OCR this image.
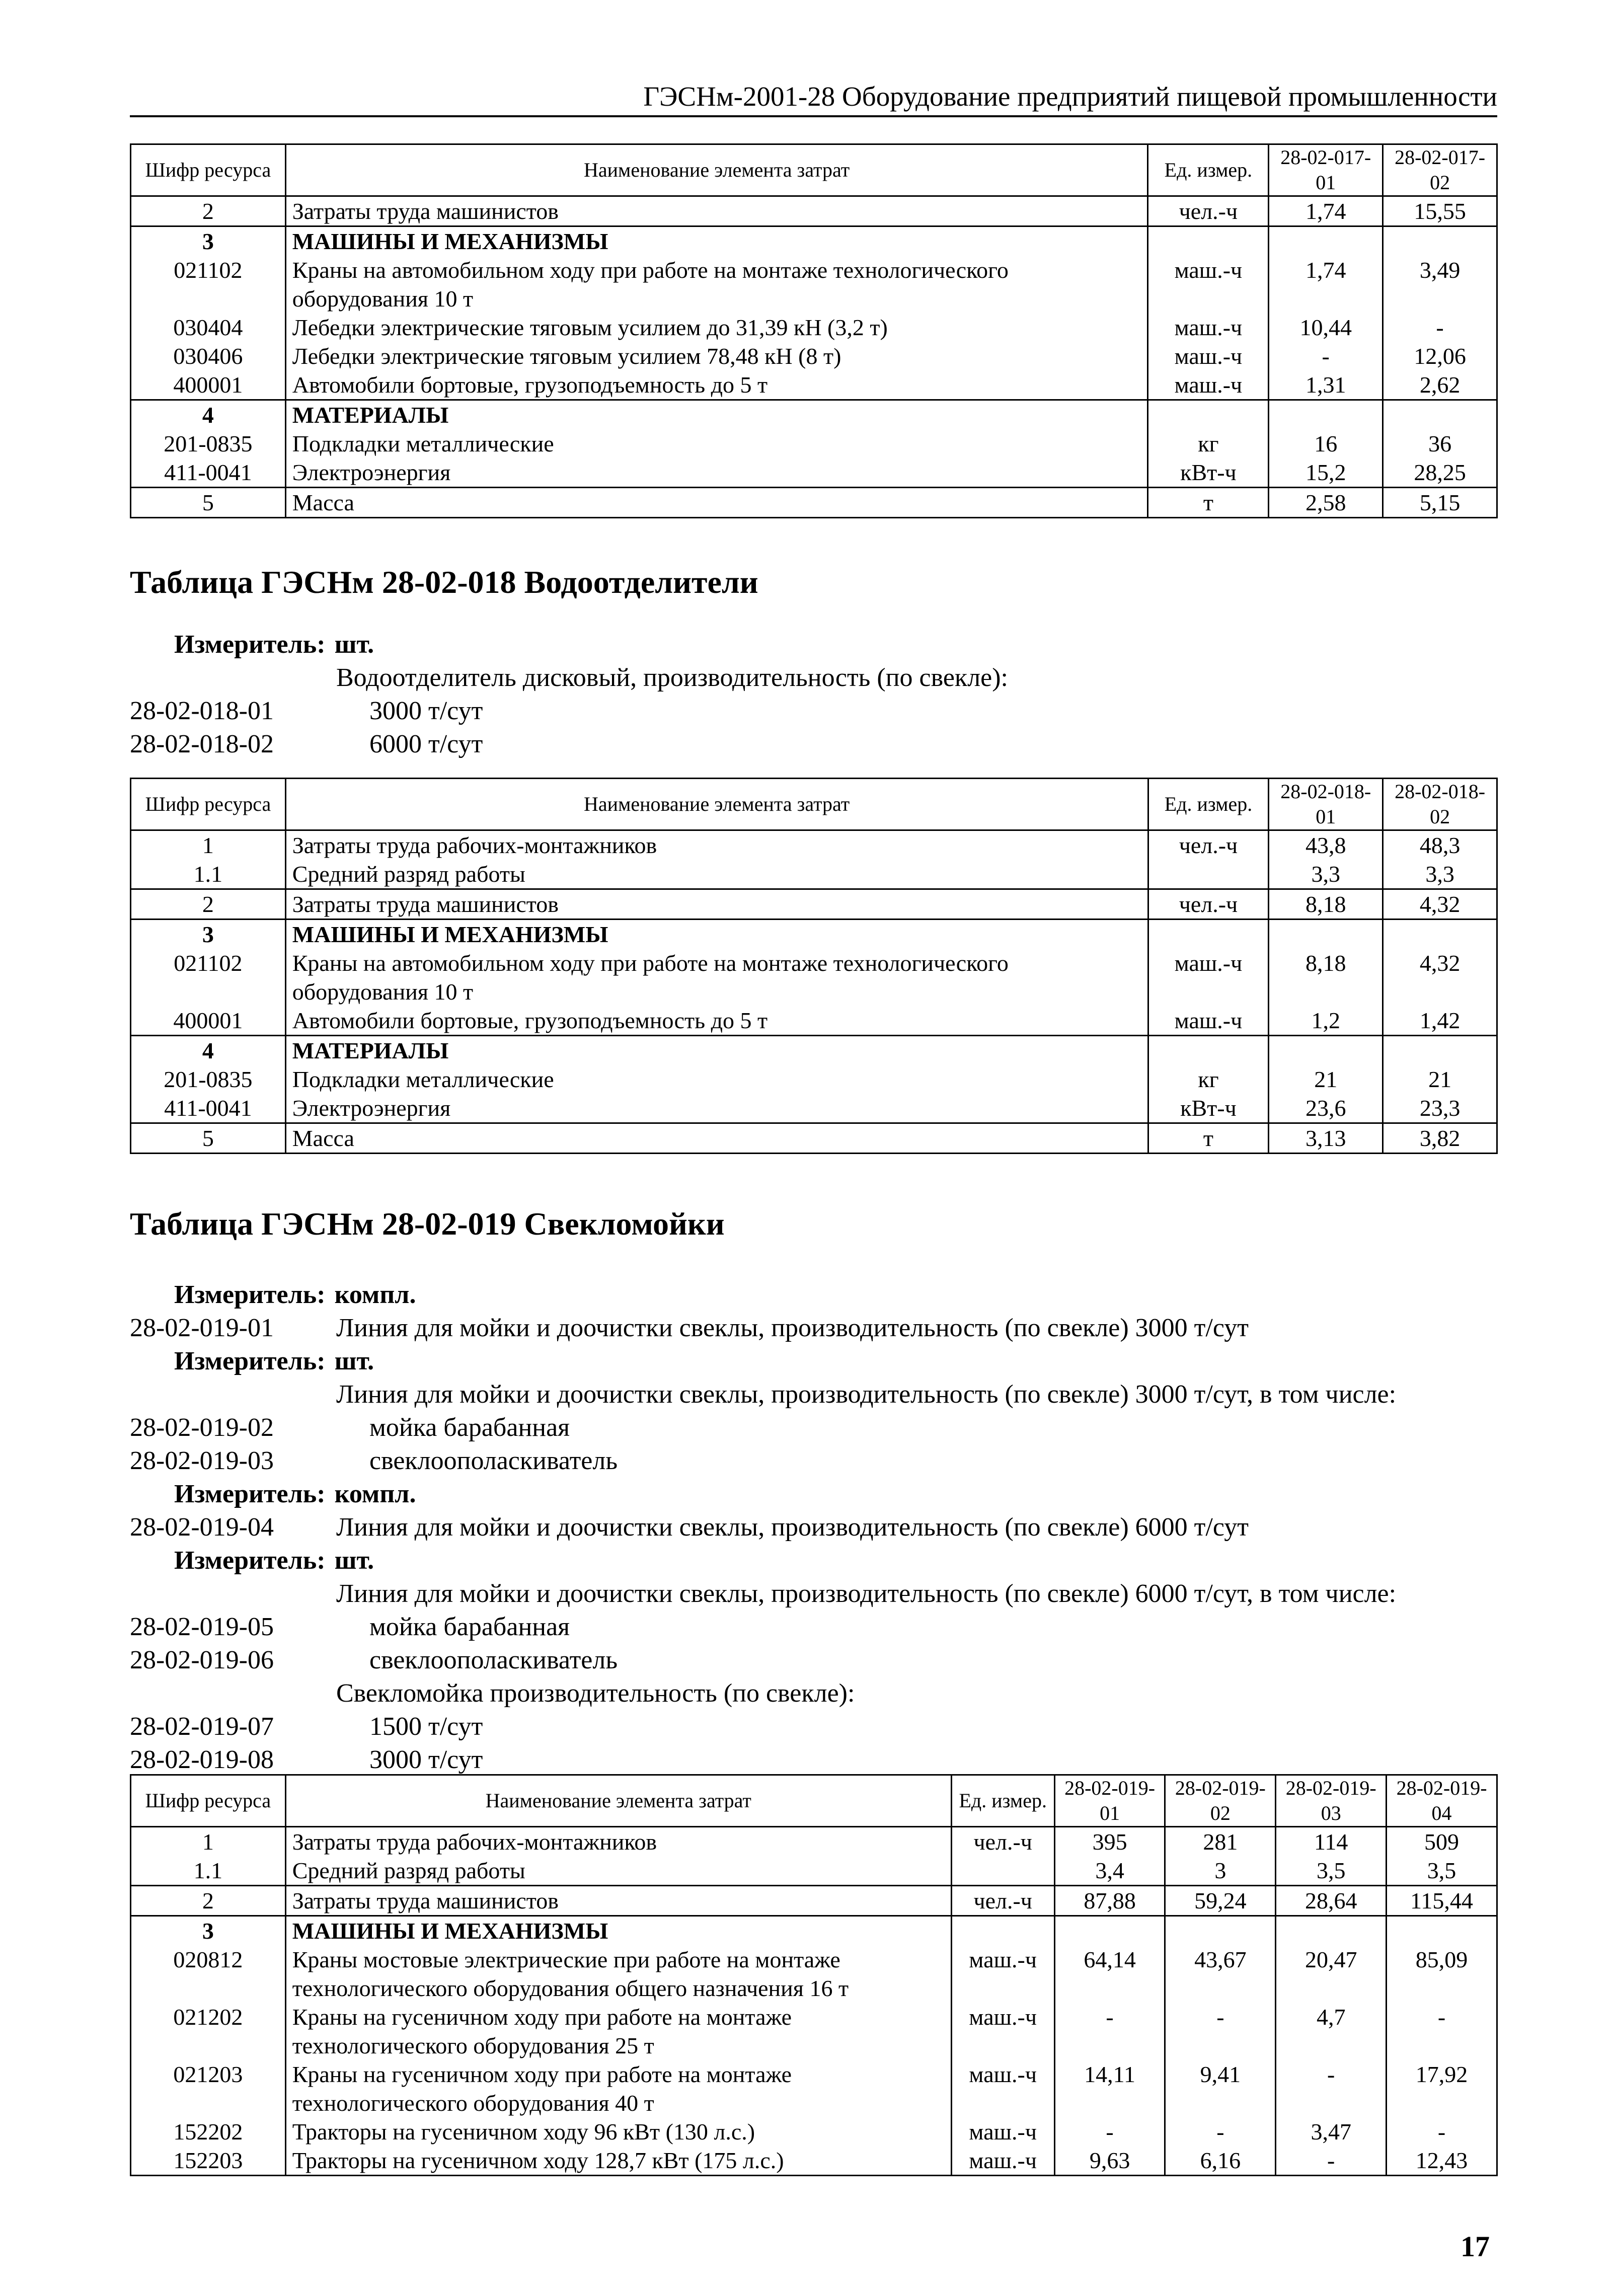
ГЭСНм-2001-28 Оборудование предприятий пищевой промышленности
Шифр ресурса	Наименование элемента затрат	Ед. измер.	28-02-017-01	28-02-017-02
2	Затраты труда машинистов	чел.-ч	1,74	15,55
3	МАШИНЫ И МЕХАНИЗМЫ			
021102	Краны на автомобильном ходу при работе на монтаже технологического оборудования 10 т	маш.-ч	1,74	3,49
030404	Лебедки электрические тяговым усилием до 31,39 кН (3,2 т)	маш.-ч	10,44	-
030406	Лебедки электрические тяговым усилием 78,48 кН (8 т)	маш.-ч	-	12,06
400001	Автомобили бортовые, грузоподъемность до 5 т	маш.-ч	1,31	2,62
4	МАТЕРИАЛЫ			
201-0835	Подкладки металлические	кг	16	36
411-0041	Электроэнергия	кВт-ч	15,2	28,25
5	Масса	т	2,58	5,15
Таблица ГЭСНм 28-02-018 Водоотделители
Измеритель: шт.
Водоотделитель дисковый, производительность (по свекле):
28-02-018-01	3000 т/сут
28-02-018-02	6000 т/сут
Шифр ресурса	Наименование элемента затрат	Ед. измер.	28-02-018-01	28-02-018-02
1	Затраты труда рабочих-монтажников	чел.-ч	43,8	48,3
1.1	Средний разряд работы		3,3	3,3
2	Затраты труда машинистов	чел.-ч	8,18	4,32
3	МАШИНЫ И МЕХАНИЗМЫ			
021102	Краны на автомобильном ходу при работе на монтаже технологического оборудования 10 т	маш.-ч	8,18	4,32
400001	Автомобили бортовые, грузоподъемность до 5 т	маш.-ч	1,2	1,42
4	МАТЕРИАЛЫ			
201-0835	Подкладки металлические	кг	21	21
411-0041	Электроэнергия	кВт-ч	23,6	23,3
5	Масса	т	3,13	3,82
Таблица ГЭСНм 28-02-019 Свекломойки
Измеритель: компл.
28-02-019-01	Линия для мойки и доочистки свеклы, производительность (по свекле) 3000 т/сут
Измеритель: шт.
Линия для мойки и доочистки свеклы, производительность (по свекле) 3000 т/сут, в том числе:
28-02-019-02	мойка барабанная
28-02-019-03	свеклоополаскиватель
Измеритель: компл.
28-02-019-04	Линия для мойки и доочистки свеклы, производительность (по свекле) 6000 т/сут
Измеритель: шт.
Линия для мойки и доочистки свеклы, производительность (по свекле) 6000 т/сут, в том числе:
28-02-019-05	мойка барабанная
28-02-019-06	свеклоополаскиватель
Свекломойка производительность (по свекле):
28-02-019-07	1500 т/сут
28-02-019-08	3000 т/сут
Шифр ресурса	Наименование элемента затрат	Ед. измер.	28-02-019-01	28-02-019-02	28-02-019-03	28-02-019-04
1	Затраты труда рабочих-монтажников	чел.-ч	395	281	114	509
1.1	Средний разряд работы		3,4	3	3,5	3,5
2	Затраты труда машинистов	чел.-ч	87,88	59,24	28,64	115,44
3	МАШИНЫ И МЕХАНИЗМЫ					
020812	Краны мостовые электрические при работе на монтаже технологического оборудования общего назначения 16 т	маш.-ч	64,14	43,67	20,47	85,09
021202	Краны на гусеничном ходу при работе на монтаже технологического оборудования 25 т	маш.-ч	-	-	4,7	-
021203	Краны на гусеничном ходу при работе на монтаже технологического оборудования 40 т	маш.-ч	14,11	9,41	-	17,92
152202	Тракторы на гусеничном ходу 96 кВт (130 л.с.)	маш.-ч	-	-	3,47	-
152203	Тракторы на гусеничном ходу 128,7 кВт (175 л.с.)	маш.-ч	9,63	6,16	-	12,43
17
